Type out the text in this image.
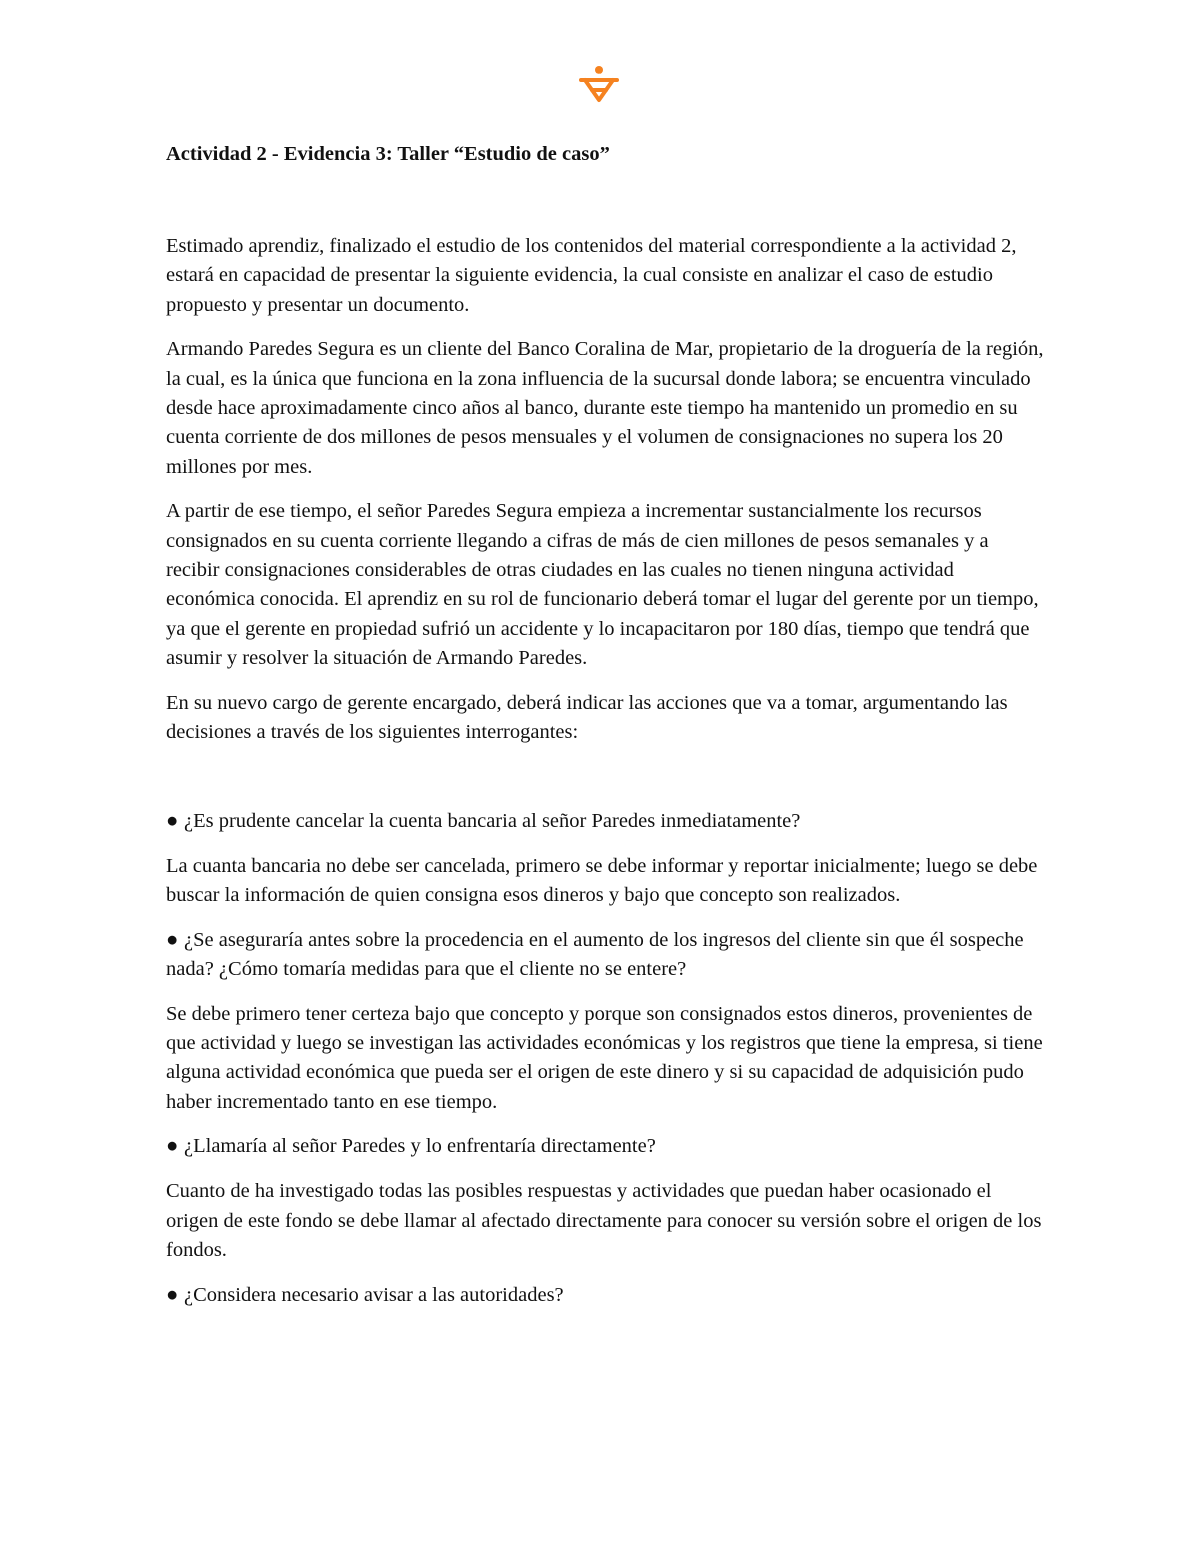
SENA
Actividad 2 - Evidencia 3: Taller “Estudio de caso”

Estimado aprendiz, finalizado el estudio de los contenidos del material correspondiente a la actividad 2, estará en capacidad de presentar la siguiente evidencia, la cual consiste en analizar el caso de estudio propuesto y presentar un documento.

Armando Paredes Segura es un cliente del Banco Coralina de Mar, propietario de la droguería de la región, la cual, es la única que funciona en la zona influencia de la sucursal donde labora; se encuentra vinculado desde hace aproximadamente cinco años al banco, durante este tiempo ha mantenido un promedio en su cuenta corriente de dos millones de pesos mensuales y el volumen de consignaciones no supera los 20 millones por mes.

A partir de ese tiempo, el señor Paredes Segura empieza a incrementar sustancialmente los recursos consignados en su cuenta corriente llegando a cifras de más de cien millones de pesos semanales y a recibir consignaciones considerables de otras ciudades en las cuales no tienen ninguna actividad económica conocida. El aprendiz en su rol de funcionario deberá tomar el lugar del gerente por un tiempo, ya que el gerente en propiedad sufrió un accidente y lo incapacitaron por 180 días, tiempo que tendrá que asumir y resolver la situación de Armando Paredes.

En su nuevo cargo de gerente encargado, deberá indicar las acciones que va a tomar, argumentando las decisiones a través de los siguientes interrogantes:

● ¿Es prudente cancelar la cuenta bancaria al señor Paredes inmediatamente?

La cuanta bancaria no debe ser cancelada, primero se debe informar y reportar inicialmente; luego se debe buscar la información de quien consigna esos dineros y bajo que concepto son realizados.

● ¿Se aseguraría antes sobre la procedencia en el aumento de los ingresos del cliente sin que él sospeche nada? ¿Cómo tomaría medidas para que el cliente no se entere?

Se debe primero tener certeza bajo que concepto y porque son consignados estos dineros, provenientes de que actividad y luego se investigan las actividades económicas y los registros que tiene la empresa, si tiene alguna actividad económica que pueda ser el origen de este dinero y si su capacidad de adquisición pudo haber incrementado tanto en ese tiempo.

● ¿Llamaría al señor Paredes y lo enfrentaría directamente?

Cuanto de ha investigado todas las posibles respuestas y actividades que puedan haber ocasionado el origen de este fondo se debe llamar al afectado directamente para conocer su versión sobre el origen de los fondos.

● ¿Considera necesario avisar a las autoridades?
